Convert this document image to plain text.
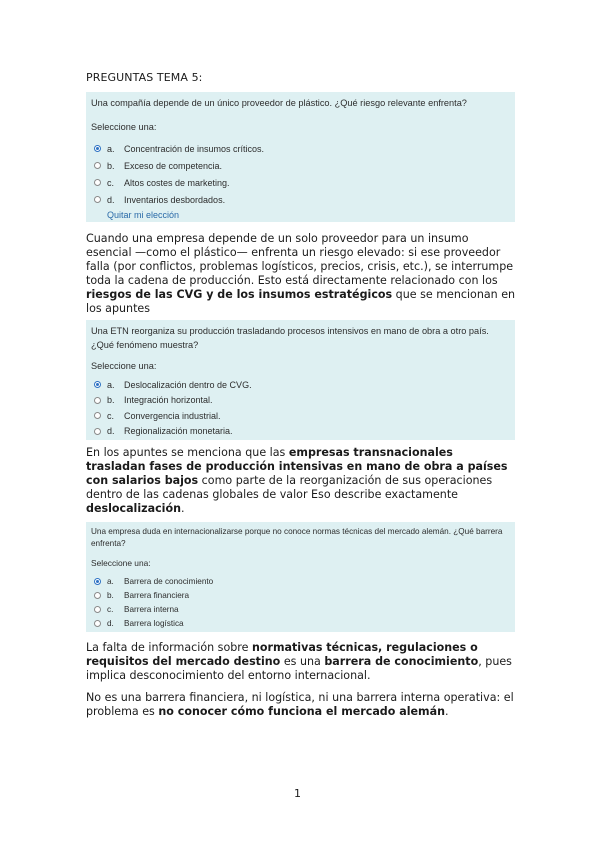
PREGUNTAS TEMA 5:
Una compañía depende de un único proveedor de plástico. ¿Qué riesgo relevante enfrenta?
Seleccione una:
a.	Concentración de insumos críticos.
b.	Exceso de competencia.
c.	Altos costes de marketing.
d.	Inventarios desbordados.
Quitar mi elección
Cuando una empresa depende de un solo proveedor para un insumo esencial —como el plástico— enfrenta un riesgo elevado: si ese proveedor falla (por conflictos, problemas logísticos, precios, crisis, etc.), se interrumpe toda la cadena de producción. Esto está directamente relacionado con los riesgos de las CVG y de los insumos estratégicos que se mencionan en los apuntes
Una ETN reorganiza su producción trasladando procesos intensivos en mano de obra a otro país. ¿Qué fenómeno muestra?
Seleccione una:
a.	Deslocalización dentro de CVG.
b.	Integración horizontal.
c.	Convergencia industrial.
d.	Regionalización monetaria.
En los apuntes se menciona que las empresas transnacionales trasladan fases de producción intensivas en mano de obra a países con salarios bajos como parte de la reorganización de sus operaciones dentro de las cadenas globales de valor Eso describe exactamente deslocalización.
Una empresa duda en internacionalizarse porque no conoce normas técnicas del mercado alemán. ¿Qué barrera enfrenta?
Seleccione una:
a.	Barrera de conocimiento
b.	Barrera financiera
c.	Barrera interna
d.	Barrera logística
La falta de información sobre normativas técnicas, regulaciones o requisitos del mercado destino es una barrera de conocimiento, pues implica desconocimiento del entorno internacional.
No es una barrera financiera, ni logística, ni una barrera interna operativa: el problema es no conocer cómo funciona el mercado alemán.
1
